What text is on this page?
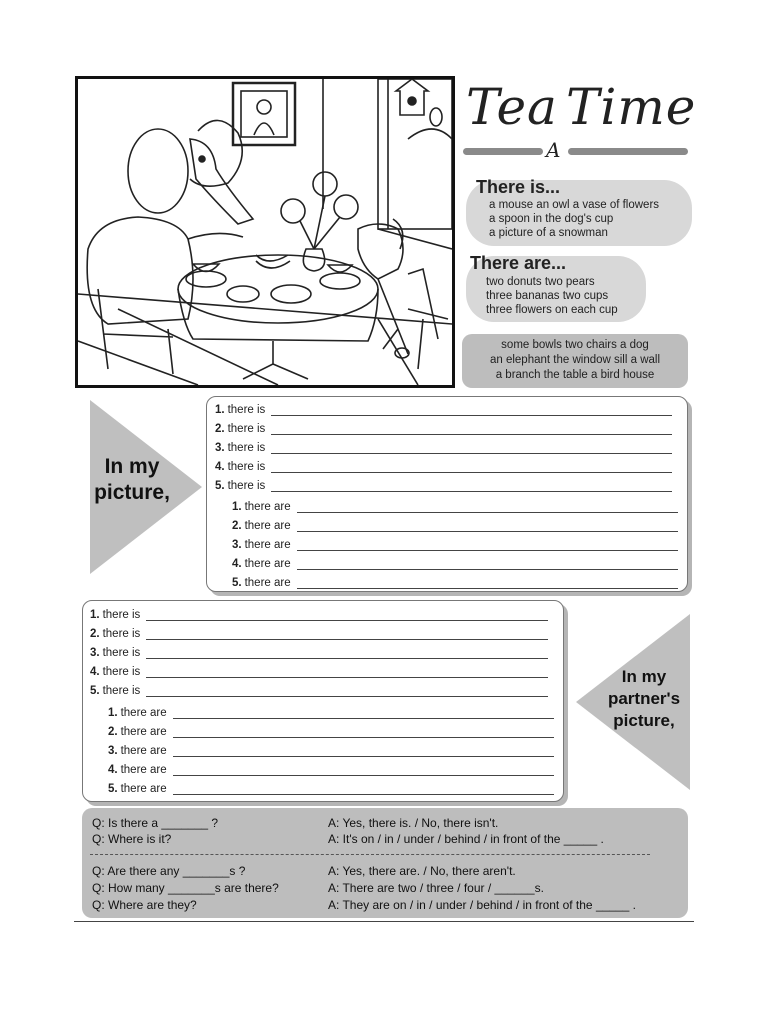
Tea Time
A
There is...
a mouse an owl a vase of flowers
a spoon in the dog's cup
a picture of a snowman
There are...
two donuts two pears
three bananas two cups
three flowers on each cup
some bowls two chairs a dog
an elephant the window sill a wall
a branch the table a bird house
In my
picture,
1. there is
2. there is
3. there is
4. there is
5. there is
1. there are
2. there are
3. there are
4. there are
5. there are
1. there is
2. there is
3. there is
4. there is
5. there is
1. there are
2. there are
3. there are
4. there are
5. there are
In my
partner's
picture,
Q: Is there a _______ ?
Q: Where is it?
A: Yes, there is. / No, there isn't.
A: It's on / in / under / behind / in front of the _____ .
Q: Are there any _______s ?
Q: How many _______s are there?
Q: Where are they?
A: Yes, there are. / No, there aren't.
A: There are two / three / four / ______s.
A: They are on / in / under / behind / in front of the _____ .
